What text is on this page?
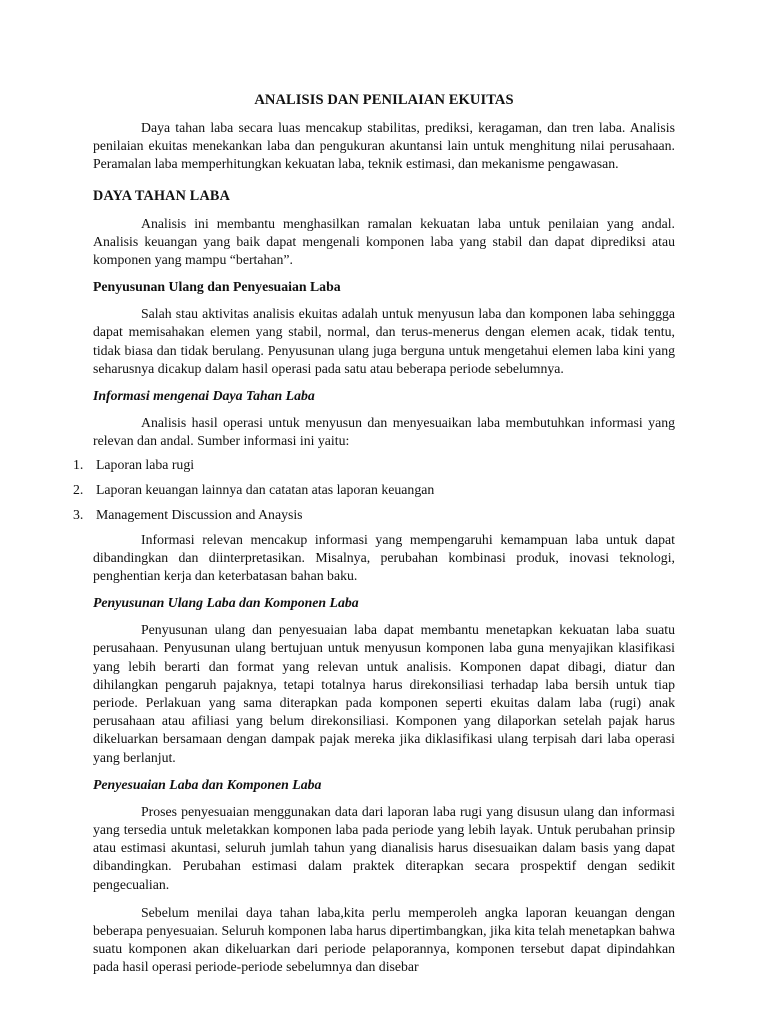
ANALISIS DAN PENILAIAN EKUITAS

Daya tahan laba secara luas mencakup stabilitas, prediksi, keragaman, dan tren laba. Analisis penilaian ekuitas menekankan laba dan pengukuran akuntansi lain untuk menghitung nilai perusahaan. Peramalan laba memperhitungkan kekuatan laba, teknik estimasi, dan mekanisme pengawasan.

DAYA TAHAN LABA

Analisis ini membantu menghasilkan ramalan kekuatan laba untuk penilaian yang andal. Analisis keuangan yang baik dapat mengenali komponen laba yang stabil dan dapat diprediksi atau komponen yang mampu “bertahan”.

Penyusunan Ulang dan Penyesuaian Laba

Salah stau aktivitas analisis ekuitas adalah untuk menyusun laba dan komponen laba sehinggga dapat memisahakan elemen yang stabil, normal, dan terus-menerus dengan elemen acak, tidak tentu, tidak biasa dan tidak berulang. Penyusunan ulang juga berguna untuk mengetahui elemen laba kini yang seharusnya dicakup dalam hasil operasi pada satu atau beberapa periode sebelumnya.

Informasi mengenai Daya Tahan Laba

Analisis hasil operasi untuk menyusun dan menyesuaikan laba membutuhkan informasi yang relevan dan andal. Sumber informasi ini yaitu:

1. Laporan laba rugi
2. Laporan keuangan lainnya dan catatan atas laporan keuangan
3. Management Discussion and Anaysis

Informasi relevan mencakup informasi yang mempengaruhi kemampuan laba untuk dapat dibandingkan dan diinterpretasikan. Misalnya, perubahan kombinasi produk, inovasi teknologi, penghentian kerja dan keterbatasan bahan baku.

Penyusunan Ulang Laba dan Komponen Laba

Penyusunan ulang dan penyesuaian laba dapat membantu menetapkan kekuatan laba suatu perusahaan. Penyusunan ulang bertujuan untuk menyusun komponen laba guna menyajikan klasifikasi yang lebih berarti dan format yang relevan untuk analisis. Komponen dapat dibagi, diatur dan dihilangkan pengaruh pajaknya, tetapi totalnya harus direkonsiliasi terhadap laba bersih untuk tiap periode. Perlakuan yang sama diterapkan pada komponen seperti ekuitas dalam laba (rugi) anak perusahaan atau afiliasi yang belum direkonsiliasi. Komponen yang dilaporkan setelah pajak harus dikeluarkan bersamaan dengan dampak pajak mereka jika diklasifikasi ulang terpisah dari laba operasi yang berlanjut.

Penyesuaian Laba dan Komponen Laba

Proses penyesuaian menggunakan data dari laporan laba rugi yang disusun ulang dan informasi yang tersedia untuk meletakkan komponen laba pada periode yang lebih layak. Untuk perubahan prinsip atau estimasi akuntasi, seluruh jumlah tahun yang dianalisis harus disesuaikan dalam basis yang dapat dibandingkan. Perubahan estimasi dalam praktek diterapkan secara prospektif dengan sedikit pengecualian.

Sebelum menilai daya tahan laba,kita perlu memperoleh angka laporan keuangan dengan beberapa penyesuaian. Seluruh komponen laba harus dipertimbangkan, jika kita telah menetapkan bahwa suatu komponen akan dikeluarkan dari periode pelaporannya, komponen tersebut dapat dipindahkan pada hasil operasi periode-periode sebelumnya dan disebar
